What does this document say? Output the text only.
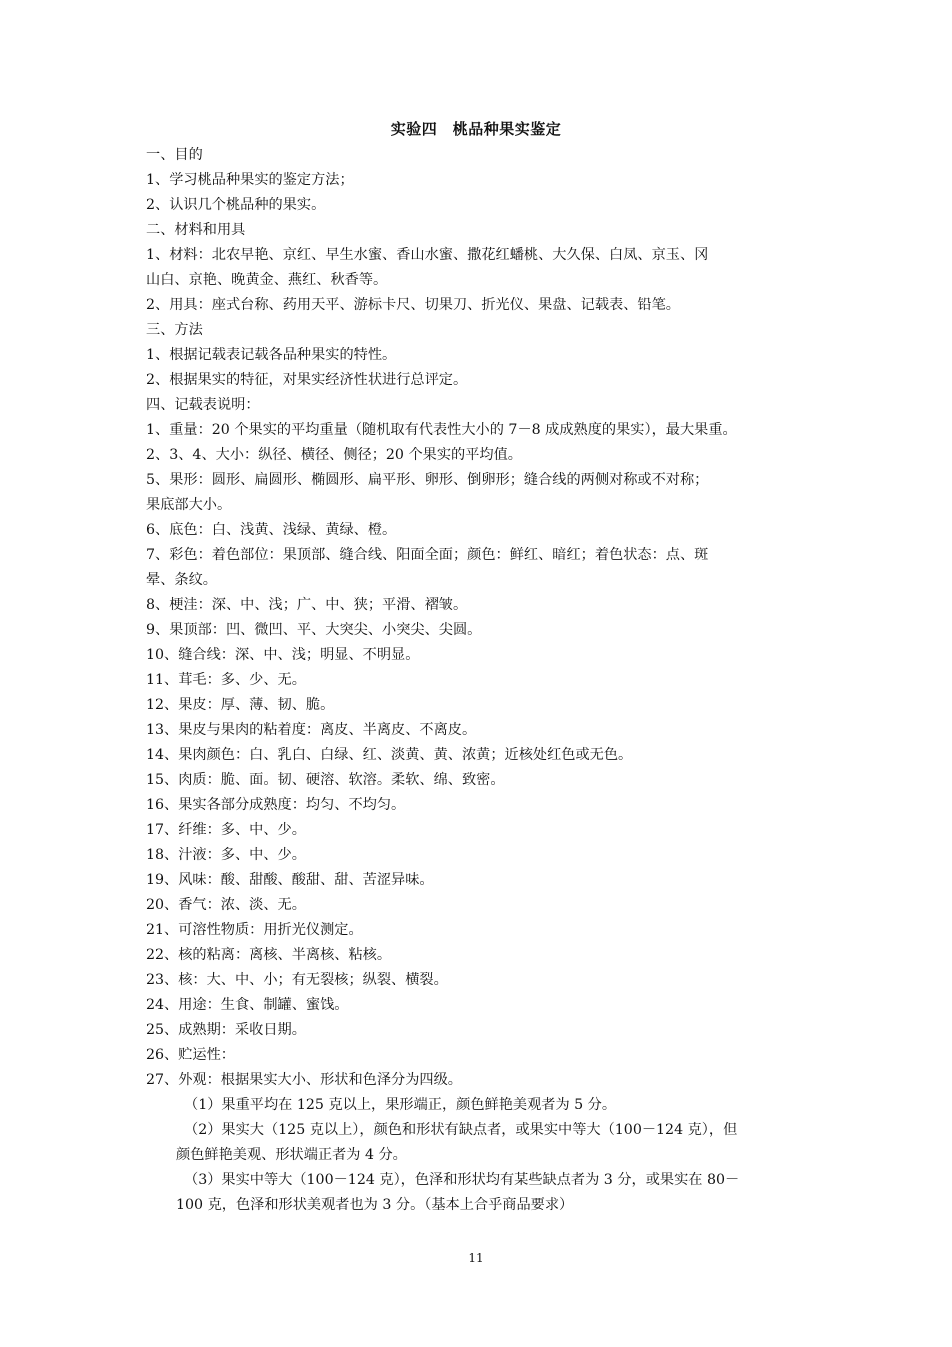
实验四　桃品种果实鉴定
一、目的
1、学习桃品种果实的鉴定方法；
2、认识几个桃品种的果实。
二、材料和用具
1、材料：北农早艳、京红、早生水蜜、香山水蜜、撒花红蟠桃、大久保、白凤、京玉、冈
山白、京艳、晚黄金、燕红、秋香等。
2、用具：座式台称、药用天平、游标卡尺、切果刀、折光仪、果盘、记载表、铅笔。
三、方法
1、根据记载表记载各品种果实的特性。
2、根据果实的特征，对果实经济性状进行总评定。
四、记载表说明：
1、重量：20 个果实的平均重量（随机取有代表性大小的 7－8 成成熟度的果实），最大果重。
2、3、4、大小：纵径、横径、侧径；20 个果实的平均值。
5、果形：圆形、扁圆形、椭圆形、扁平形、卵形、倒卵形；缝合线的两侧对称或不对称；
果底部大小。
6、底色：白、浅黄、浅绿、黄绿、橙。
7、彩色：着色部位：果顶部、缝合线、阳面全面；颜色：鲜红、暗红；着色状态：点、斑
晕、条纹。
8、梗洼：深、中、浅；广、中、狭；平滑、褶皱。
9、果顶部：凹、微凹、平、大突尖、小突尖、尖圆。
10、缝合线：深、中、浅；明显、不明显。
11、茸毛：多、少、无。
12、果皮：厚、薄、韧、脆。
13、果皮与果肉的粘着度：离皮、半离皮、不离皮。
14、果肉颜色：白、乳白、白绿、红、淡黄、黄、浓黄；近核处红色或无色。
15、肉质：脆、面。韧、硬溶、软溶。柔软、绵、致密。
16、果实各部分成熟度：均匀、不均匀。
17、纤维：多、中、少。
18、汁液：多、中、少。
19、风味：酸、甜酸、酸甜、甜、苦涩异味。
20、香气：浓、淡、无。
21、可溶性物质：用折光仪测定。
22、核的粘离：离核、半离核、粘核。
23、核：大、中、小；有无裂核；纵裂、横裂。
24、用途：生食、制罐、蜜饯。
25、成熟期：采收日期。
26、贮运性：
27、外观：根据果实大小、形状和色泽分为四级。
（1）果重平均在 125 克以上，果形端正，颜色鲜艳美观者为 5 分。
（2）果实大（125 克以上），颜色和形状有缺点者，或果实中等大（100－124 克），但
颜色鲜艳美观、形状端正者为 4 分。
（3）果实中等大（100－124 克），色泽和形状均有某些缺点者为 3 分，或果实在 80－
100 克，色泽和形状美观者也为 3 分。（基本上合乎商品要求）
11
